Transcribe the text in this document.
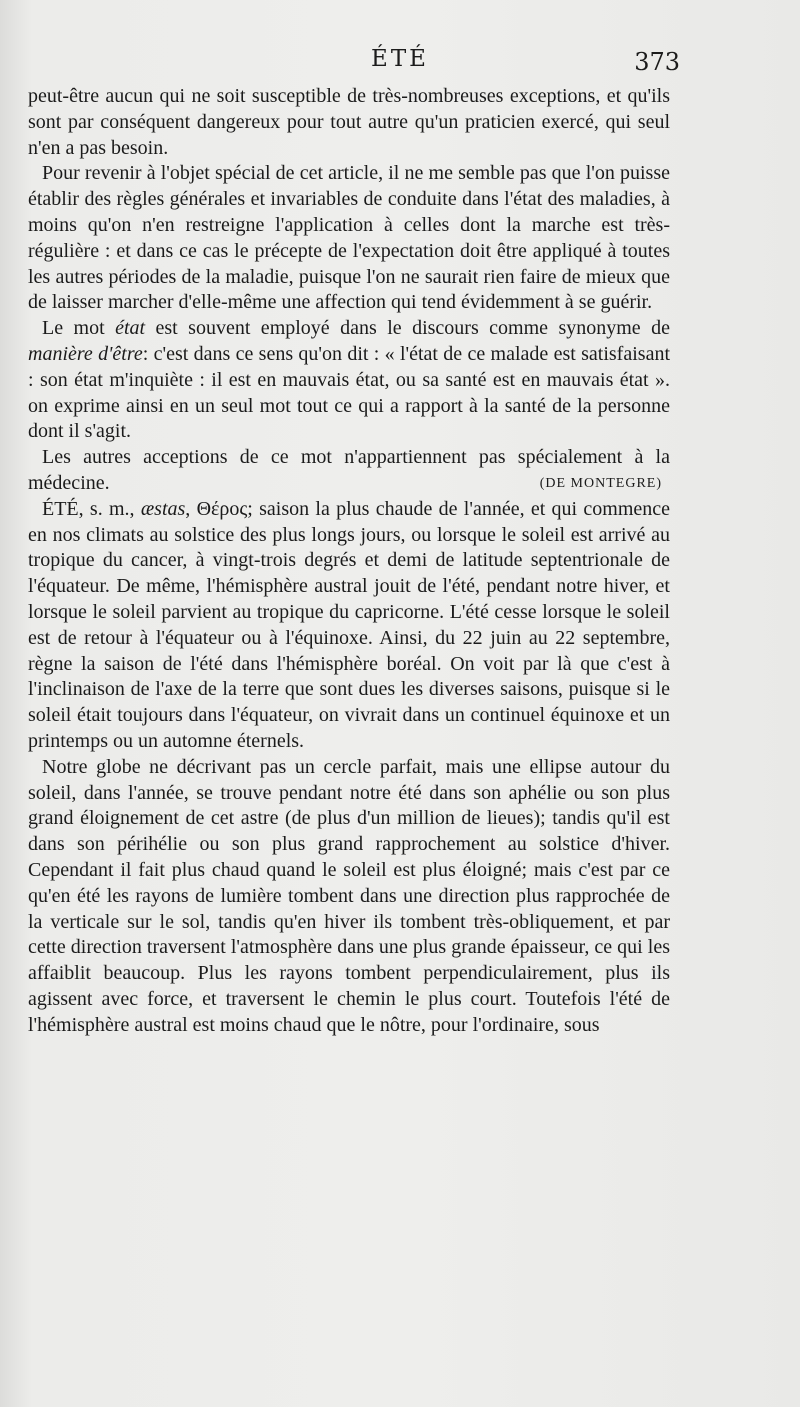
ÉTÉ	373

peut-être aucun qui ne soit susceptible de très-nombreuses exceptions, et qu'ils sont par conséquent dangereux pour tout autre qu'un praticien exercé, qui seul n'en a pas besoin.

Pour revenir à l'objet spécial de cet article, il ne me semble pas que l'on puisse établir des règles générales et invariables de conduite dans l'état des maladies, à moins qu'on n'en restreigne l'application à celles dont la marche est très-régulière : et dans ce cas le précepte de l'expectation doit être appliqué à toutes les autres périodes de la maladie, puisque l'on ne saurait rien faire de mieux que de laisser marcher d'elle-même une affection qui tend évidemment à se guérir.

Le mot état est souvent employé dans le discours comme synonyme de manière d'être: c'est dans ce sens qu'on dit : « l'état de ce malade est satisfaisant : son état m'inquiète : il est en mauvais état, ou sa santé est en mauvais état ». on exprime ainsi en un seul mot tout ce qui a rapport à la santé de la personne dont il s'agit.

Les autres acceptions de ce mot n'appartiennent pas spécialement à la médecine.	(DE MONTEGRE)

ÉTÉ, s. m., æstas, Θέρος; saison la plus chaude de l'année, et qui commence en nos climats au solstice des plus longs jours, ou lorsque le soleil est arrivé au tropique du cancer, à vingt-trois degrés et demi de latitude septentrionale de l'équateur. De même, l'hémisphère austral jouit de l'été, pendant notre hiver, et lorsque le soleil parvient au tropique du capricorne. L'été cesse lorsque le soleil est de retour à l'équateur ou à l'équinoxe. Ainsi, du 22 juin au 22 septembre, règne la saison de l'été dans l'hémisphère boréal. On voit par là que c'est à l'inclinaison de l'axe de la terre que sont dues les diverses saisons, puisque si le soleil était toujours dans l'équateur, on vivrait dans un continuel équinoxe et un printemps ou un automne éternels.

Notre globe ne décrivant pas un cercle parfait, mais une ellipse autour du soleil, dans l'année, se trouve pendant notre été dans son aphélie ou son plus grand éloignement de cet astre (de plus d'un million de lieues); tandis qu'il est dans son périhélie ou son plus grand rapprochement au solstice d'hiver. Cependant il fait plus chaud quand le soleil est plus éloigné; mais c'est par ce qu'en été les rayons de lumière tombent dans une direction plus rapprochée de la verticale sur le sol, tandis qu'en hiver ils tombent très-obliquement, et par cette direction traversent l'atmosphère dans une plus grande épaisseur, ce qui les affaiblit beaucoup. Plus les rayons tombent perpendiculairement, plus ils agissent avec force, et traversent le chemin le plus court. Toutefois l'été de l'hémisphère austral est moins chaud que le nôtre, pour l'ordinaire, sous
